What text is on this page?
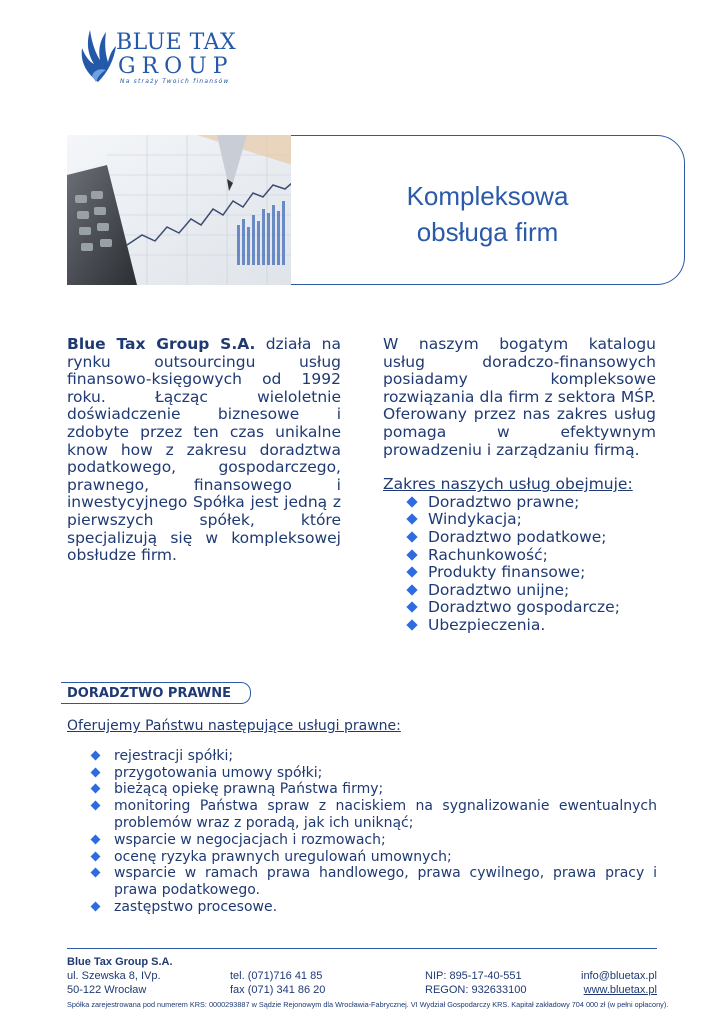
BLUE TAX
GROUP
Na straży Twoich finansów
Kompleksowa
obsługa firm
Blue Tax Group S.A. działa na rynku outsourcingu usług finansowo-księgowych od 1992 roku. Łącząc wieloletnie doświadczenie biznesowe i zdobyte przez ten czas unikalne know how z zakresu doradztwa podatkowego, gospodarczego, prawnego, finansowego i inwestycyjnego Spółka jest jedną z pierwszych spółek, które specjalizują się w kompleksowej obsłudze firm.
W naszym bogatym katalogu usług doradczo-finansowych posiadamy kompleksowe rozwiązania dla firm z sektora MŚP. Oferowany przez nas zakres usług pomaga w efektywnym prowadzeniu i zarządzaniu firmą.
Zakres naszych usług obejmuje:
Doradztwo prawne;
Windykacja;
Doradztwo podatkowe;
Rachunkowość;
Produkty finansowe;
Doradztwo unijne;
Doradztwo gospodarcze;
Ubezpieczenia.
DORADZTWO PRAWNE
Oferujemy Państwu następujące usługi prawne:
rejestracji spółki;
przygotowania umowy spółki;
bieżącą opiekę prawną Państwa firmy;
monitoring Państwa spraw z naciskiem na sygnalizowanie ewentualnych problemów wraz z poradą, jak ich uniknąć;
wsparcie w negocjacjach i rozmowach;
ocenę ryzyka prawnych uregulowań umownych;
wsparcie w ramach prawa handlowego, prawa cywilnego, prawa pracy i prawa podatkowego.
zastępstwo procesowe.
Blue Tax Group S.A.
ul. Szewska 8, IVp.	tel. (071)716 41 85	NIP: 895-17-40-551	info@bluetax.pl
50-122 Wrocław	fax (071) 341 86 20	REGON: 932633100	www.bluetax.pl
Spółka zarejestrowana pod numerem KRS: 0000293887 w Sądzie Rejonowym dla Wrocławia-Fabrycznej. VI Wydział Gospodarczy KRS. Kapitał zakładowy 704 000 zł (w pełni opłacony).
